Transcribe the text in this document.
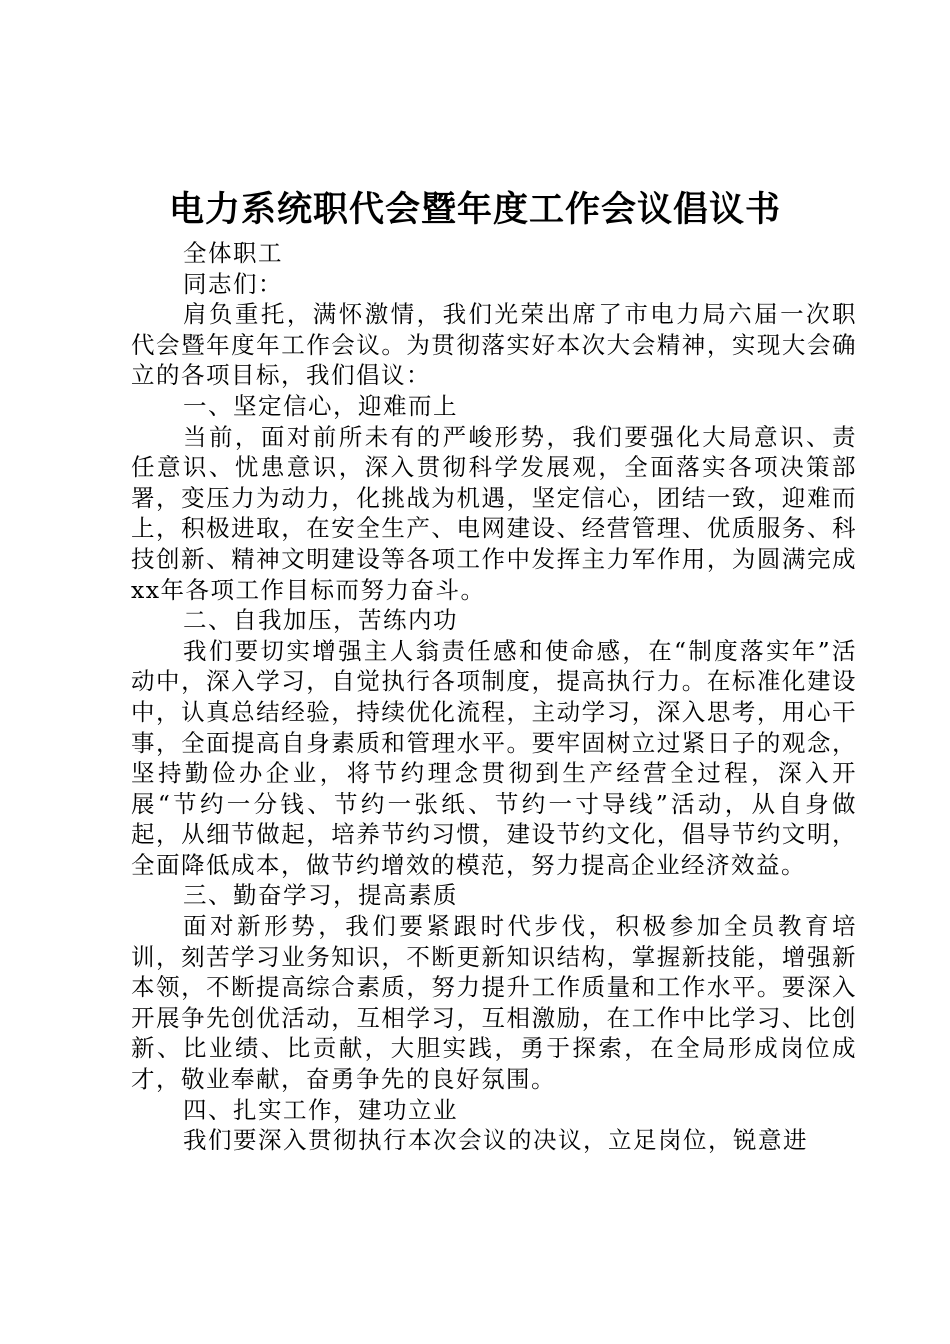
电力系统职代会暨年度工作会议倡议书

全体职工

同志们：

肩负重托，满怀激情，我们光荣出席了市电力局六届一次职代会暨年度年工作会议。为贯彻落实好本次大会精神，实现大会确立的各项目标，我们倡议：

一、坚定信心，迎难而上

当前，面对前所未有的严峻形势，我们要强化大局意识、责任意识、忧患意识，深入贯彻科学发展观，全面落实各项决策部署，变压力为动力，化挑战为机遇，坚定信心，团结一致，迎难而上，积极进取，在安全生产、电网建设、经营管理、优质服务、科技创新、精神文明建设等各项工作中发挥主力军作用，为圆满完成xx年各项工作目标而努力奋斗。

二、自我加压，苦练内功

我们要切实增强主人翁责任感和使命感，在“制度落实年”活动中，深入学习，自觉执行各项制度，提高执行力。在标准化建设中，认真总结经验，持续优化流程，主动学习，深入思考，用心干事，全面提高自身素质和管理水平。要牢固树立过紧日子的观念，坚持勤俭办企业，将节约理念贯彻到生产经营全过程，深入开展“节约一分钱、节约一张纸、节约一寸导线”活动，从自身做起，从细节做起，培养节约习惯，建设节约文化，倡导节约文明，全面降低成本，做节约增效的模范，努力提高企业经济效益。

三、勤奋学习，提高素质

面对新形势，我们要紧跟时代步伐，积极参加全员教育培训，刻苦学习业务知识，不断更新知识结构，掌握新技能，增强新本领，不断提高综合素质，努力提升工作质量和工作水平。要深入开展争先创优活动，互相学习，互相激励，在工作中比学习、比创新、比业绩、比贡献，大胆实践，勇于探索，在全局形成岗位成才，敬业奉献，奋勇争先的良好氛围。

四、扎实工作，建功立业

我们要深入贯彻执行本次会议的决议，立足岗位，锐意进
